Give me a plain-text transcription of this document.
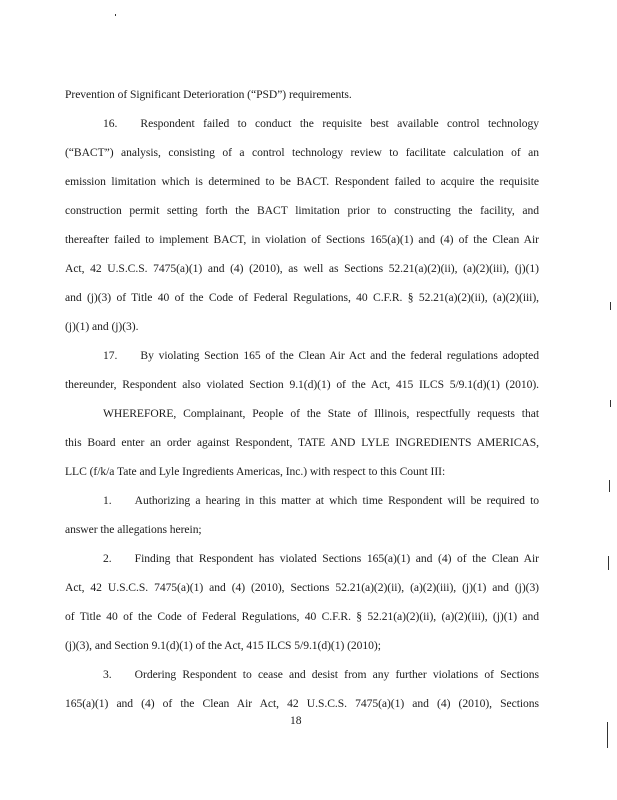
Prevention of Significant Deterioration (“PSD”) requirements.
16.  Respondent failed to conduct the requisite best available control technology
(“BACT”) analysis, consisting of a control technology review to facilitate calculation of an
emission limitation which is determined to be BACT. Respondent failed to acquire the requisite
construction permit setting forth the BACT limitation prior to constructing the facility, and
thereafter failed to implement BACT, in violation of Sections 165(a)(1) and (4) of the Clean Air
Act, 42 U.S.C.S. 7475(a)(1) and (4) (2010), as well as Sections 52.21(a)(2)(ii), (a)(2)(iii), (j)(1)
and (j)(3) of Title 40 of the Code of Federal Regulations, 40 C.F.R. § 52.21(a)(2)(ii), (a)(2)(iii),
(j)(1) and (j)(3).
17.  By violating Section 165 of the Clean Air Act and the federal regulations adopted
thereunder, Respondent also violated Section 9.1(d)(1) of the Act, 415 ILCS 5/9.1(d)(1) (2010).
WHEREFORE, Complainant, People of the State of Illinois, respectfully requests that
this Board enter an order against Respondent, TATE AND LYLE INGREDIENTS AMERICAS,
LLC (f/k/a Tate and Lyle Ingredients Americas, Inc.) with respect to this Count III:
1.  Authorizing a hearing in this matter at which time Respondent will be required to
answer the allegations herein;
2.  Finding that Respondent has violated Sections 165(a)(1) and (4) of the Clean Air
Act, 42 U.S.C.S. 7475(a)(1) and (4) (2010), Sections 52.21(a)(2)(ii), (a)(2)(iii), (j)(1) and (j)(3)
of Title 40 of the Code of Federal Regulations, 40 C.F.R. § 52.21(a)(2)(ii), (a)(2)(iii), (j)(1) and
(j)(3), and Section 9.1(d)(1) of the Act, 415 ILCS 5/9.1(d)(1) (2010);
3.  Ordering Respondent to cease and desist from any further violations of Sections
165(a)(1) and (4) of the Clean Air Act, 42 U.S.C.S. 7475(a)(1) and (4) (2010), Sections
18
